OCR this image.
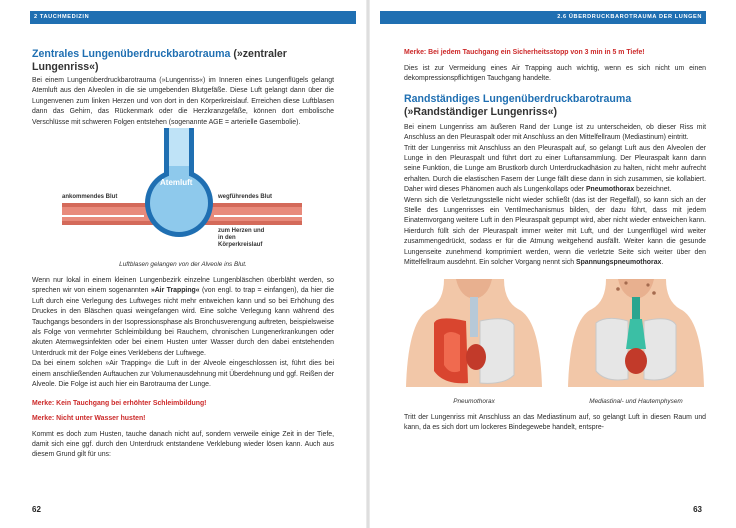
2 TAUCHMEDIZIN
Zentrales Lungenüberdruckbarotrauma (»zentraler Lungenriss«)

Bei einem Lungenüberdruckbarotrauma (»Lungenriss«) im Inneren eines Lungenflügels gelangt Atemluft aus den Alveolen in die sie umgebenden Blutgefäße. Diese Luft gelangt dann über die Lungenvenen zum linken Herzen und von dort in den Körperkreislauf. Erreichen diese Luftblasen dann das Gehirn, das Rückenmark oder die Herzkranzgefäße, können dort embolische Verschlüsse mit schweren Folgen entstehen (sogenannte AGE = arterielle Gasembolie).

Atemluft
ankommendes Blut	wegführendes Blut
zum Herzen und
in den
Körperkreislauf
Luftblasen gelangen von der Alveole ins Blut.

Wenn nur lokal in einem kleinen Lungenbezirk einzelne Lungenbläschen überbläht werden, so sprechen wir von einem sogenannten »Air Trapping« (von engl. to trap = einfangen), da hier die Luft durch eine Verlegung des Luftweges nicht mehr entweichen kann und so bei Erhöhung des Druckes in den Bläschen quasi weingefangen wird. Eine solche Verlegung kann während des Tauchgangs besonders in der Isopressionsphase als Bronchusverengung auftreten, beispielsweise als Folge von vermehrter Schleimbildung bei Rauchern, chronischen Lungenerkrankungen oder akuten Atemwegsinfekten oder bei einem Husten unter Wasser durch den dabei entstehenden Unterdruck mit der Folge eines Verklebens der Luftwege.

Da bei einem solchen »Air Trapping« die Luft in der Alveole eingeschlossen ist, führt dies bei einem anschließenden Auftauchen zur Volumenausdehnung mit Überdehnung und ggf. Reißen der Alveole. Die Folge ist auch hier ein Barotrauma der Lunge.

Merke: Kein Tauchgang bei erhöhter Schleimbildung!
Merke: Nicht unter Wasser husten!

Kommt es doch zum Husten, tauche danach nicht auf, sondern verweile einige Zeit in der Tiefe, damit sich eine ggf. durch den Unterdruck entstandene Verklebung wieder lösen kann. Auch aus diesem Grund gilt für uns:

62
2.6 ÜBERDRUCKBAROTRAUMA DER LUNGEN
Merke: Bei jedem Tauchgang ein Sicherheitsstopp von 3 min in 5 m Tiefe!

Dies ist zur Vermeidung eines Air Trapping auch wichtig, wenn es sich nicht um einen dekompressionspflichtigen Tauchgang handelte.

Randständiges Lungenüberdruckbarotrauma (»Randständiger Lungenriss«)

Bei einem Lungenriss am äußeren Rand der Lunge ist zu unterscheiden, ob dieser Riss mit Anschluss an den Pleuraspalt oder mit Anschluss an den Mittelfellraum (Mediastinum) eintritt.

Tritt der Lungenriss mit Anschluss an den Pleuraspalt auf, so gelangt Luft aus den Alveolen der Lunge in den Pleuraspalt und führt dort zu einer Luftansammlung. Der Pleuraspalt kann dann seine Funktion, die Lunge am Brustkorb durch Unterdruckadhäsion zu halten, nicht mehr aufrecht erhalten. Durch die elastischen Fasern der Lunge fällt diese dann in sich zusammen, sie kollabiert. Daher wird dieses Phänomen auch als Lungenkollaps oder Pneumothorax bezeichnet.

Wenn sich die Verletzungsstelle nicht wieder schließt (das ist der Regelfall), so kann sich an der Stelle des Lungenrisses ein Ventilmechanismus bilden, der dazu führt, dass mit jedem Einatemvorgang weitere Luft in den Pleuraspalt gepumpt wird, aber nicht wieder entweichen kann. Hierdurch füllt sich der Pleuraspalt immer weiter mit Luft, und der Lungenflügel wird weiter zusammengedrückt, sodass er für die Atmung weitgehend ausfällt. Weiter kann die gesunde Lungenseite zunehmend komprimiert werden, wenn die verletzte Seite sich weiter über den Mittelfellraum ausdehnt. Ein solcher Vorgang nennt sich Spannungspneumothorax.

Pneumothorax	Mediastinal- und Hautemphysem

Tritt der Lungenriss mit Anschluss an das Mediastinum auf, so gelangt Luft in diesen Raum und kann, da es sich dort um lockeres Bindegewebe handelt, entspre-

63
